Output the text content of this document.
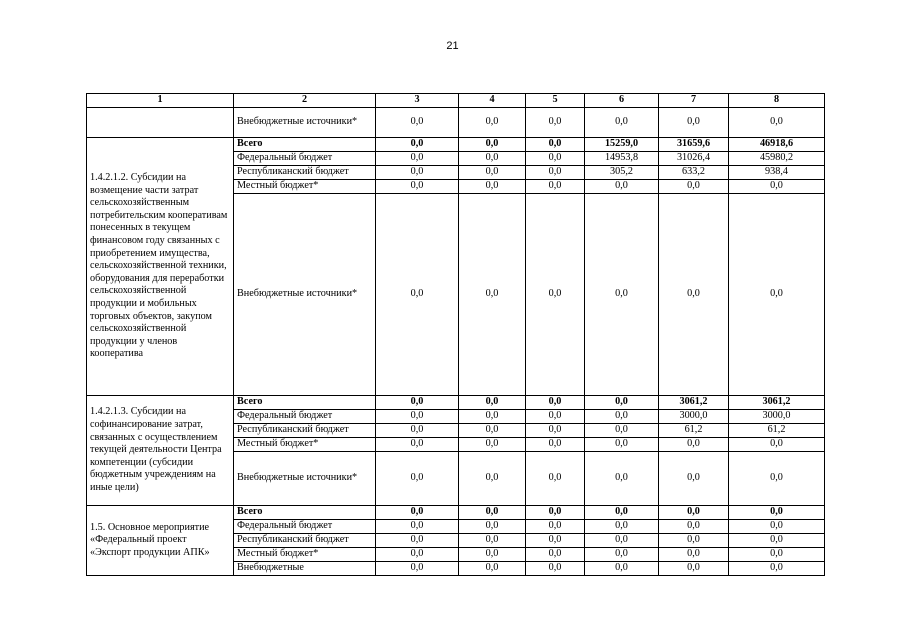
21
1	2	3	4	5	6	7	8
	Внебюджетные источники*	0,0	0,0	0,0	0,0	0,0	0,0
1.4.2.1.2. Субсидии на возмещение части затрат сельскохозяйственным потребительским кооперативам понесенных в текущем финансовом году связанных с приобретением имущества, сельскохозяйственной техники, оборудования для переработки сельскохозяйственной продукции и мобильных торговых объектов, закупом сельскохозяйственной продукции у членов кооператива	Всего	0,0	0,0	0,0	15259,0	31659,6	46918,6
	Федеральный бюджет	0,0	0,0	0,0	14953,8	31026,4	45980,2
	Республиканский бюджет	0,0	0,0	0,0	305,2	633,2	938,4
	Местный бюджет*	0,0	0,0	0,0	0,0	0,0	0,0
	Внебюджетные источники*	0,0	0,0	0,0	0,0	0,0	0,0
1.4.2.1.3. Субсидии на софинансирование затрат, связанных с осуществлением текущей деятельности Центра компетенции (субсидии бюджетным учреждениям на иные цели)	Всего	0,0	0,0	0,0	0,0	3061,2	3061,2
	Федеральный бюджет	0,0	0,0	0,0	0,0	3000,0	3000,0
	Республиканский бюджет	0,0	0,0	0,0	0,0	61,2	61,2
	Местный бюджет*	0,0	0,0	0,0	0,0	0,0	0,0
	Внебюджетные источники*	0,0	0,0	0,0	0,0	0,0	0,0
1.5. Основное мероприятие «Федеральный проект «Экспорт продукции АПК»	Всего	0,0	0,0	0,0	0,0	0,0	0,0
	Федеральный бюджет	0,0	0,0	0,0	0,0	0,0	0,0
	Республиканский бюджет	0,0	0,0	0,0	0,0	0,0	0,0
	Местный бюджет*	0,0	0,0	0,0	0,0	0,0	0,0
	Внебюджетные	0,0	0,0	0,0	0,0	0,0	0,0
